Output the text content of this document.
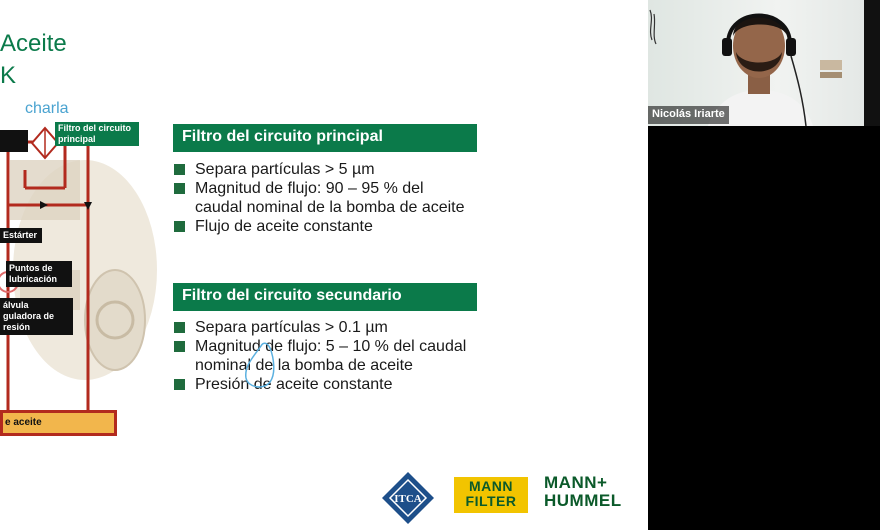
Aceite
K
charla
Filtro del circuito
principal
Estárter
Puntos de
lubricación
álvula
guladora de
resión
e aceite
Filtro del circuito principal
Separa partículas > 5 µm
Magnitud de flujo: 90 – 95 % del caudal nominal de la bomba de aceite
Flujo de aceite constante
Filtro del circuito secundario
Separa partículas > 0.1 µm
Magnitud de flujo: 5 – 10 % del caudal nominal de la bomba de aceite
Presión de aceite constante
ITCA
MANN
FILTER
MANN+
HUMMEL
Nicolás Iriarte
